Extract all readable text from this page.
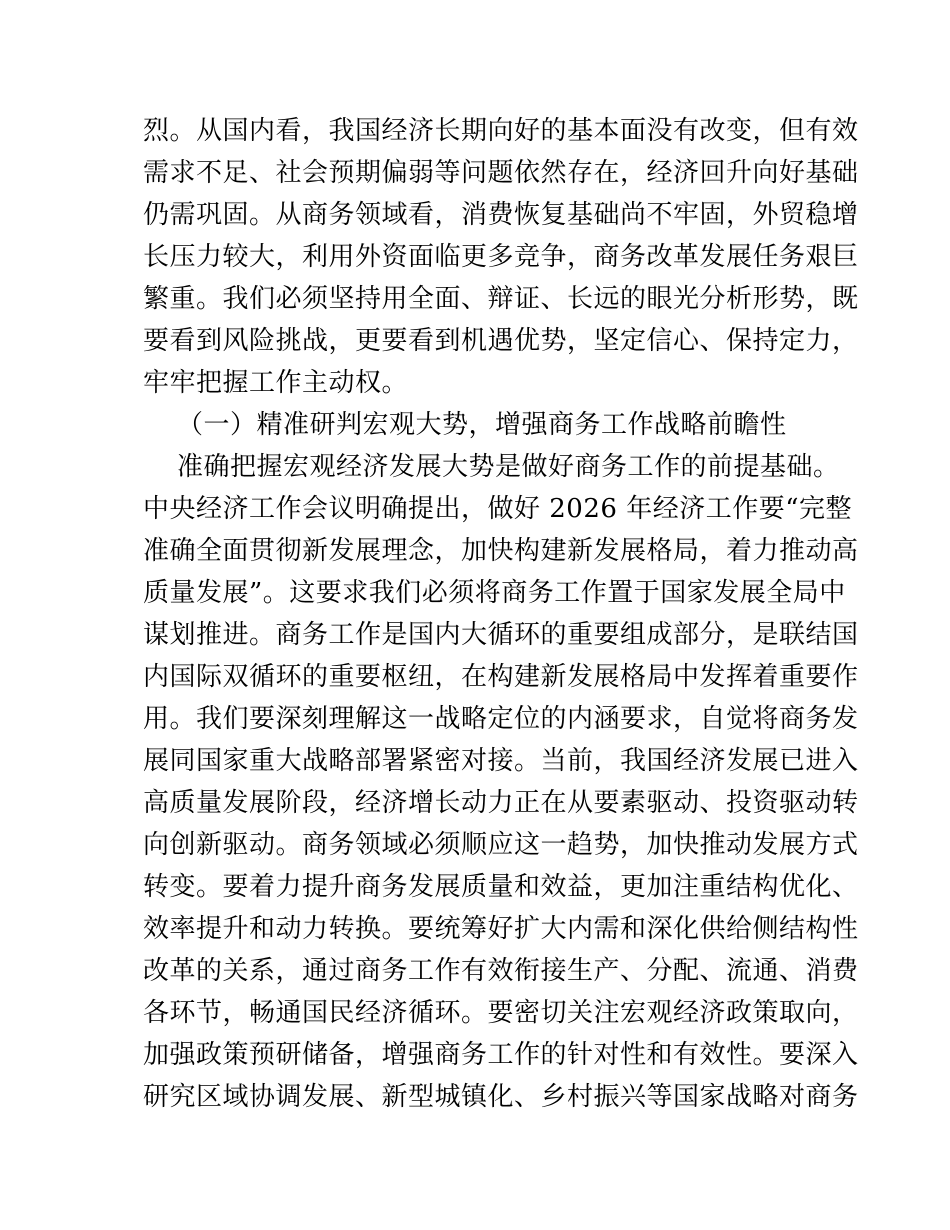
烈。从国内看，我国经济长期向好的基本面没有改变，但有效
需求不足、社会预期偏弱等问题依然存在，经济回升向好基础
仍需巩固。从商务领域看，消费恢复基础尚不牢固，外贸稳增
长压力较大，利用外资面临更多竞争，商务改革发展任务艰巨
繁重。我们必须坚持用全面、辩证、长远的眼光分析形势，既
要看到风险挑战，更要看到机遇优势，坚定信心、保持定力，
牢牢把握工作主动权。
（一）精准研判宏观大势，增强商务工作战略前瞻性
准确把握宏观经济发展大势是做好商务工作的前提基础。
中央经济工作会议明确提出，做好 2026 年经济工作要“完整
准确全面贯彻新发展理念，加快构建新发展格局，着力推动高
质量发展”。这要求我们必须将商务工作置于国家发展全局中
谋划推进。商务工作是国内大循环的重要组成部分，是联结国
内国际双循环的重要枢纽，在构建新发展格局中发挥着重要作
用。我们要深刻理解这一战略定位的内涵要求，自觉将商务发
展同国家重大战略部署紧密对接。当前，我国经济发展已进入
高质量发展阶段，经济增长动力正在从要素驱动、投资驱动转
向创新驱动。商务领域必须顺应这一趋势，加快推动发展方式
转变。要着力提升商务发展质量和效益，更加注重结构优化、
效率提升和动力转换。要统筹好扩大内需和深化供给侧结构性
改革的关系，通过商务工作有效衔接生产、分配、流通、消费
各环节，畅通国民经济循环。要密切关注宏观经济政策取向，
加强政策预研储备，增强商务工作的针对性和有效性。要深入
研究区域协调发展、新型城镇化、乡村振兴等国家战略对商务
